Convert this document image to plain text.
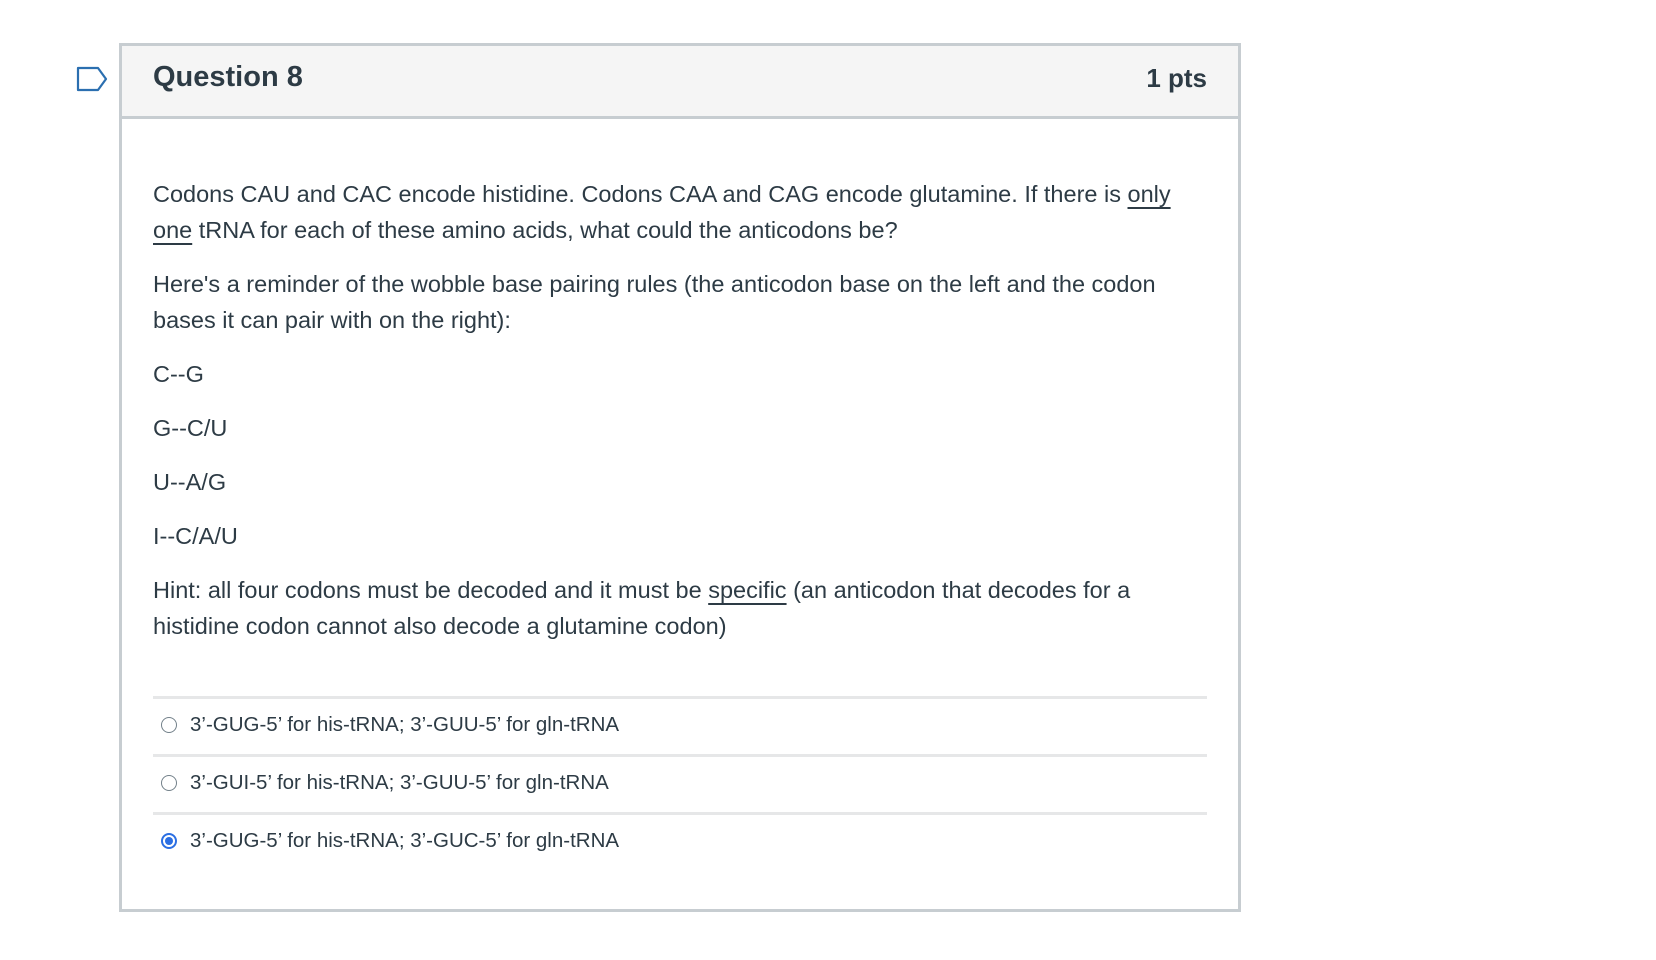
Question 8	1 pts

Codons CAU and CAC encode histidine. Codons CAA and CAG encode glutamine. If there is only one tRNA for each of these amino acids, what could the anticodons be?

Here's a reminder of the wobble base pairing rules (the anticodon base on the left and the codon bases it can pair with on the right):

C--G

G--C/U

U--A/G

I--C/A/U

Hint: all four codons must be decoded and it must be specific (an anticodon that decodes for a histidine codon cannot also decode a glutamine codon)

3’-GUG-5’ for his-tRNA; 3’-GUU-5’ for gln-tRNA
3’-GUI-5’ for his-tRNA; 3’-GUU-5’ for gln-tRNA
3’-GUG-5’ for his-tRNA; 3’-GUC-5’ for gln-tRNA
